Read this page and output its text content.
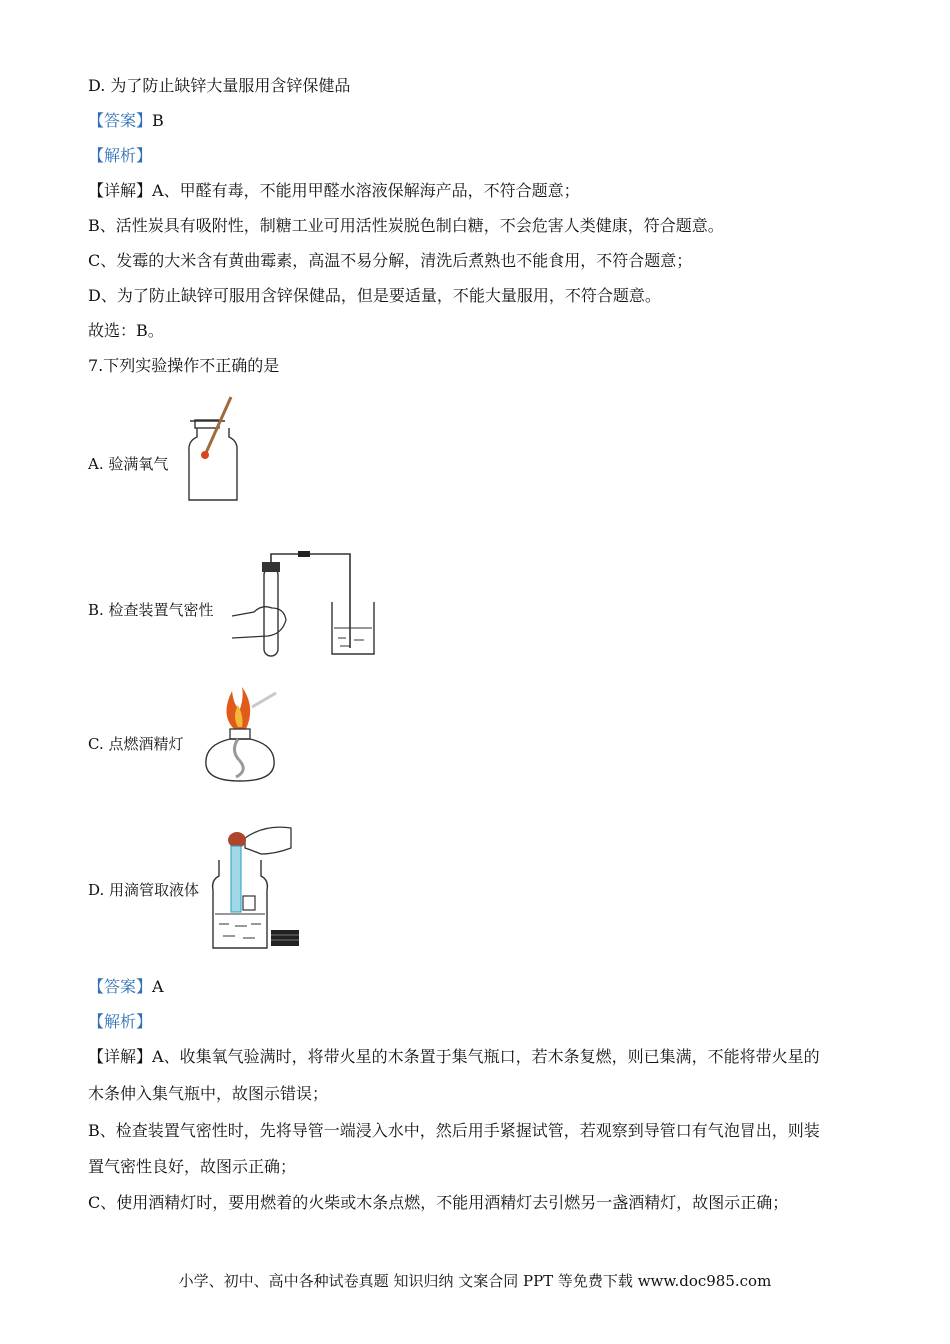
D. 为了防止缺锌大量服用含锌保健品
【答案】B
【解析】
【详解】A、甲醛有毒，不能用甲醛水溶液保解海产品，不符合题意；
B、活性炭具有吸附性，制糖工业可用活性炭脱色制白糖，不会危害人类健康，符合题意。
C、发霉的大米含有黄曲霉素，高温不易分解，清洗后煮熟也不能食用，不符合题意；
D、为了防止缺锌可服用含锌保健品，但是要适量，不能大量服用，不符合题意。
故选：B。
7.下列实验操作不正确的是
A. 验满氧气
B. 检查装置气密性
C. 点燃酒精灯
D. 用滴管取液体
【答案】A
【解析】
【详解】A、收集氧气验满时，将带火星的木条置于集气瓶口，若木条复燃，则已集满，不能将带火星的
木条伸入集气瓶中，故图示错误；
B、检查装置气密性时，先将导管一端浸入水中，然后用手紧握试管，若观察到导管口有气泡冒出，则装
置气密性良好，故图示正确；
C、使用酒精灯时，要用燃着的火柴或木条点燃，不能用酒精灯去引燃另一盏酒精灯，故图示正确；
小学、初中、高中各种试卷真题 知识归纳 文案合同 PPT 等免费下载 www.doc985.com
